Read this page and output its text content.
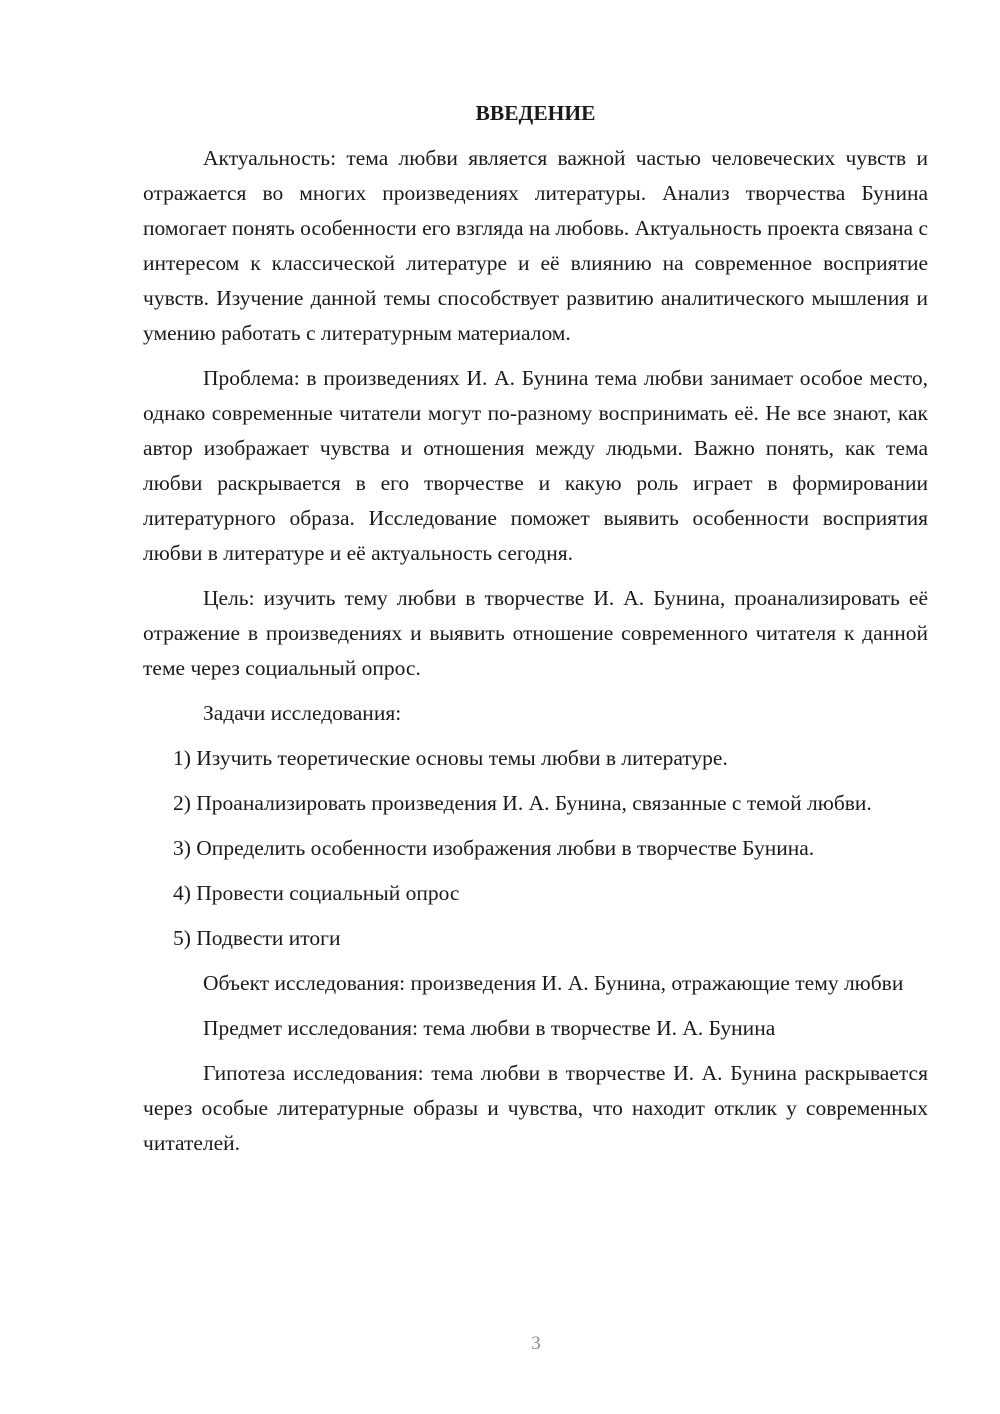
ВВЕДЕНИЕ

Актуальность: тема любви является важной частью человеческих чувств и отражается во многих произведениях литературы. Анализ творчества Бунина помогает понять особенности его взгляда на любовь. Актуальность проекта связана с интересом к классической литературе и её влиянию на современное восприятие чувств. Изучение данной темы способствует развитию аналитического мышления и умению работать с литературным материалом.

Проблема: в произведениях И. А. Бунина тема любви занимает особое место, однако современные читатели могут по-разному воспринимать её. Не все знают, как автор изображает чувства и отношения между людьми. Важно понять, как тема любви раскрывается в его творчестве и какую роль играет в формировании литературного образа. Исследование поможет выявить особенности восприятия любви в литературе и её актуальность сегодня.

Цель: изучить тему любви в творчестве И. А. Бунина, проанализировать её отражение в произведениях и выявить отношение современного читателя к данной теме через социальный опрос.

Задачи исследования:

1) Изучить теоретические основы темы любви в литературе.

2) Проанализировать произведения И. А. Бунина, связанные с темой любви.

3) Определить особенности изображения любви в творчестве Бунина.

4) Провести социальный опрос

5) Подвести итоги

Объект исследования: произведения И. А. Бунина, отражающие тему любви

Предмет исследования: тема любви в творчестве И. А. Бунина

Гипотеза исследования: тема любви в творчестве И. А. Бунина раскрывается через особые литературные образы и чувства, что находит отклик у современных читателей.

3
